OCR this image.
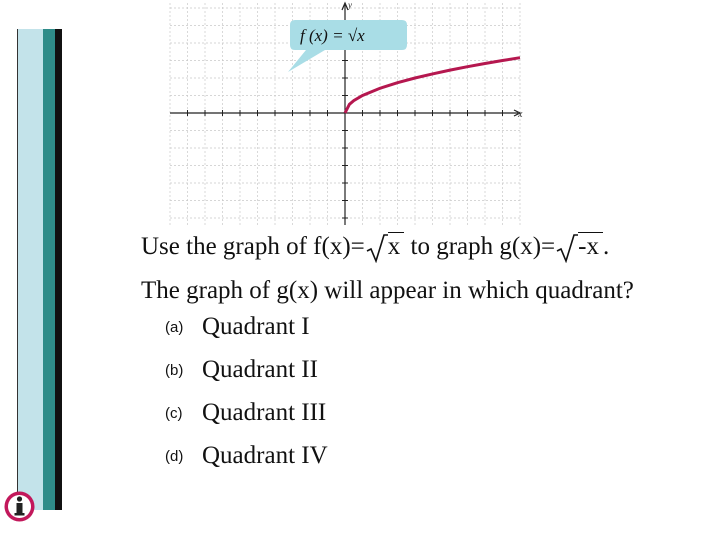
x
y
f (x) = √x
Use the graph of f(x)= x to graph g(x)= -x .
The graph of g(x) will appear in which quadrant?
(a) Quadrant I
(b) Quadrant II
(c) Quadrant III
(d) Quadrant IV
